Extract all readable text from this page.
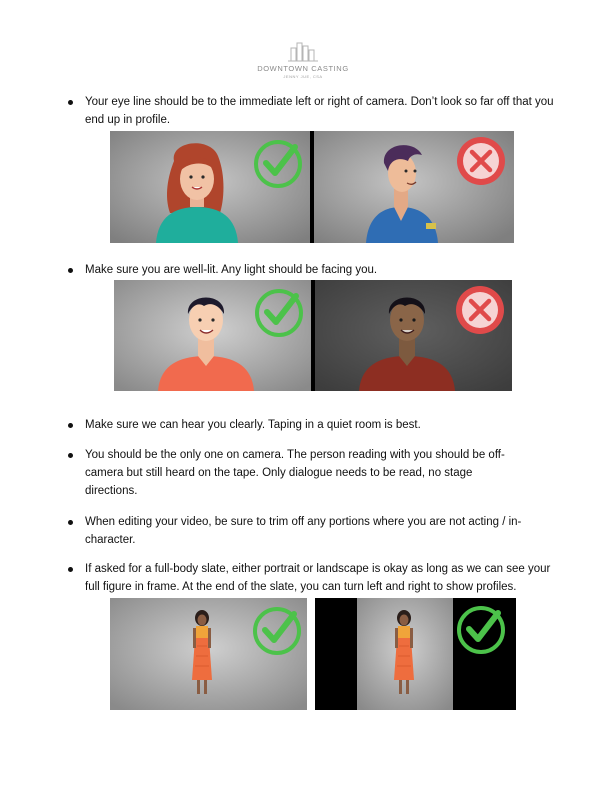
DOWNTOWN CASTING
JENNY JUE, CSA
Your eye line should be to the immediate left or right of camera. Don’t look so far off that you end up in profile.
Make sure you are well-lit. Any light should be facing you.
Make sure we can hear you clearly. Taping in a quiet room is best.
You should be the only one on camera. The person reading with you should be off-camera but still heard on the tape. Only dialogue needs to be read, no stage directions.
When editing your video, be sure to trim off any portions where you are not acting / in-character.
If asked for a full-body slate, either portrait or landscape is okay as long as we can see your full figure in frame. At the end of the slate, you can turn left and right to show profiles.
